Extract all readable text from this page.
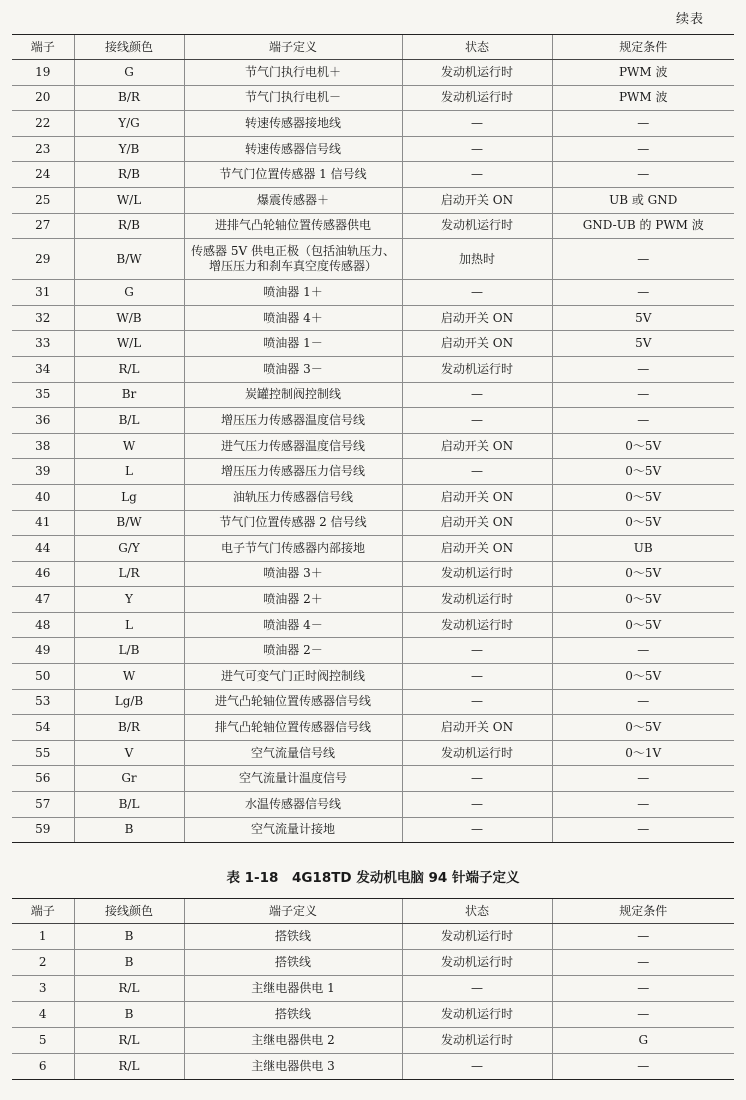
续表
端子	接线颜色	端子定义	状态	规定条件
19	G	节气门执行电机＋	发动机运行时	PWM 波
20	B/R	节气门执行电机－	发动机运行时	PWM 波
22	Y/G	转速传感器接地线	—	—
23	Y/B	转速传感器信号线	—	—
24	R/B	节气门位置传感器 1 信号线	—	—
25	W/L	爆震传感器＋	启动开关 ON	UB 或 GND
27	R/B	进排气凸轮轴位置传感器供电	发动机运行时	GND-UB 的 PWM 波
29	B/W	传感器 5V 供电正极（包括油轨压力、增压压力和刹车真空度传感器）	加热时	—
31	G	喷油器 1＋	—	—
32	W/B	喷油器 4＋	启动开关 ON	5V
33	W/L	喷油器 1－	启动开关 ON	5V
34	R/L	喷油器 3－	发动机运行时	—
35	Br	炭罐控制阀控制线	—	—
36	B/L	增压压力传感器温度信号线	—	—
38	W	进气压力传感器温度信号线	启动开关 ON	0～5V
39	L	增压压力传感器压力信号线	—	0～5V
40	Lg	油轨压力传感器信号线	启动开关 ON	0～5V
41	B/W	节气门位置传感器 2 信号线	启动开关 ON	0～5V
44	G/Y	电子节气门传感器内部接地	启动开关 ON	UB
46	L/R	喷油器 3＋	发动机运行时	0～5V
47	Y	喷油器 2＋	发动机运行时	0～5V
48	L	喷油器 4－	发动机运行时	0～5V
49	L/B	喷油器 2－	—	—
50	W	进气可变气门正时阀控制线	—	0～5V
53	Lg/B	进气凸轮轴位置传感器信号线	—	—
54	B/R	排气凸轮轴位置传感器信号线	启动开关 ON	0～5V
55	V	空气流量信号线	发动机运行时	0～1V
56	Gr	空气流量计温度信号	—	—
57	B/L	水温传感器信号线	—	—
59	B	空气流量计接地	—	—
表 1-18　4G18TD 发动机电脑 94 针端子定义
端子	接线颜色	端子定义	状态	规定条件
1	B	搭铁线	发动机运行时	—
2	B	搭铁线	发动机运行时	—
3	R/L	主继电器供电 1	—	—
4	B	搭铁线	发动机运行时	—
5	R/L	主继电器供电 2	发动机运行时	G
6	R/L	主继电器供电 3	—	—
